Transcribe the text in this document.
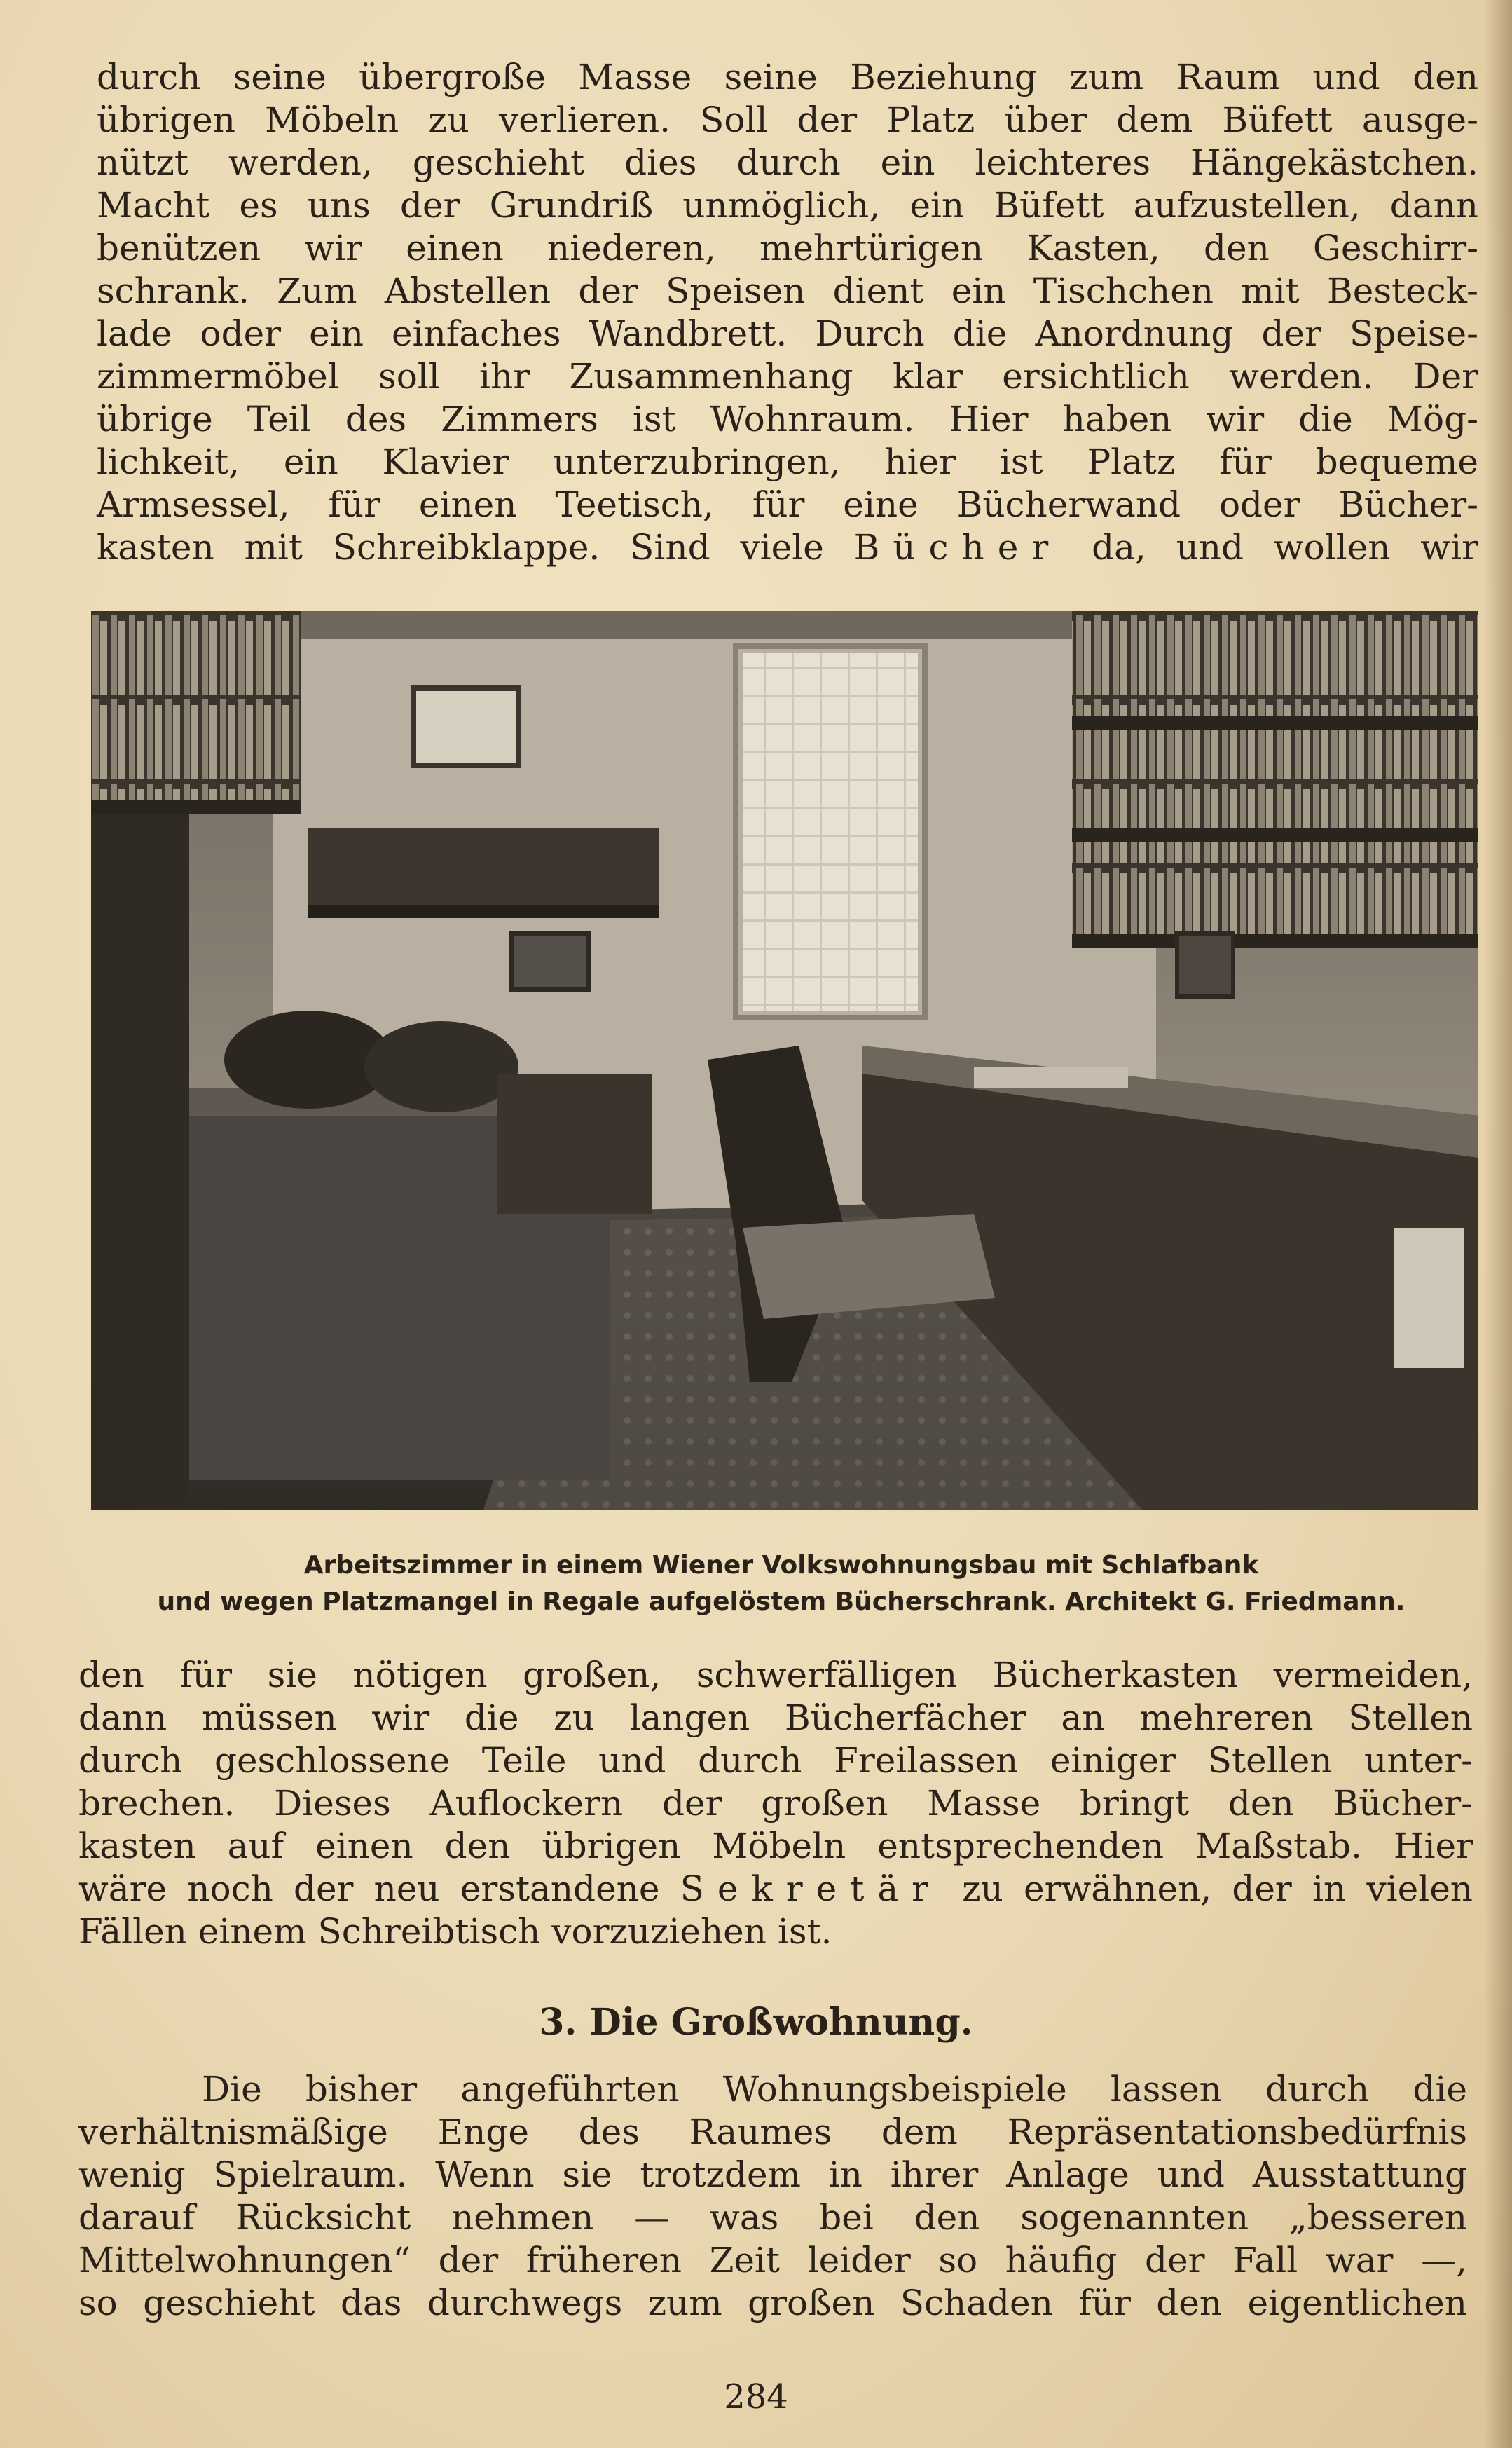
durch seine übergroße Masse seine Beziehung zum Raum und den

übrigen Möbeln zu verlieren. Soll der Platz über dem Büfett ausge-

nützt werden, geschieht dies durch ein leichteres Hängekästchen.

Macht es uns der Grundriß unmöglich, ein Büfett aufzustellen, dann

benützen wir einen niederen, mehrtürigen Kasten, den Geschirr-

schrank. Zum Abstellen der Speisen dient ein Tischchen mit Besteck-

lade oder ein einfaches Wandbrett. Durch die Anordnung der Speise-

zimmermöbel soll ihr Zusammenhang klar ersichtlich werden. Der

übrige Teil des Zimmers ist Wohnraum. Hier haben wir die Mög-

lichkeit, ein Klavier unterzubringen, hier ist Platz für bequeme

Armsessel, für einen Teetisch, für eine Bücherwand oder Bücher-

kasten mit Schreibklappe. Sind viele Bücher da, und wollen wir

Arbeitszimmer in einem Wiener Volkswohnungsbau mit Schlafbank
und wegen Platzmangel in Regale aufgelöstem Bücherschrank. Architekt G. Friedmann.

den für sie nötigen großen, schwerfälligen Bücherkasten vermeiden,

dann müssen wir die zu langen Bücherfächer an mehreren Stellen

durch geschlossene Teile und durch Freilassen einiger Stellen unter-

brechen. Dieses Auflockern der großen Masse bringt den Bücher-

kasten auf einen den übrigen Möbeln entsprechenden Maßstab. Hier

wäre noch der neu erstandene Sekretär zu erwähnen, der in vielen

Fällen einem Schreibtisch vorzuziehen ist.

3. Die Großwohnung.

Die bisher angeführten Wohnungsbeispiele lassen durch die

verhältnismäßige Enge des Raumes dem Repräsentationsbedürfnis

wenig Spielraum. Wenn sie trotzdem in ihrer Anlage und Ausstattung

darauf Rücksicht nehmen — was bei den sogenannten „besseren

Mittelwohnungen“ der früheren Zeit leider so häufig der Fall war —,

so geschieht das durchwegs zum großen Schaden für den eigentlichen

284
